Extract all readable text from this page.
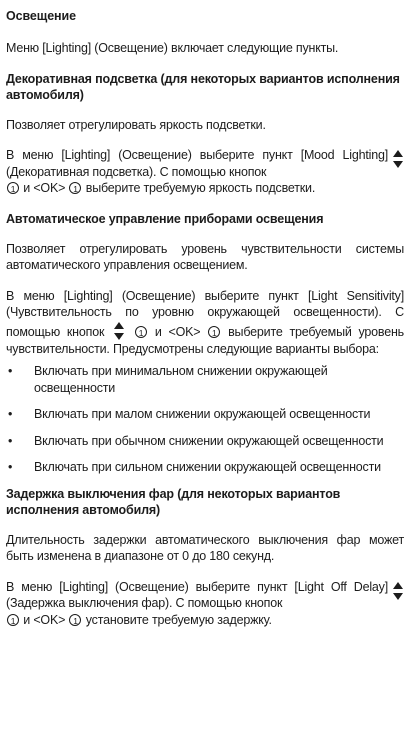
Освещение
Меню [Lighting] (Освещение) включает следующие пункты.
Декоративная подсветка (для некоторых вариантов исполнения автомобиля)
Позволяет отрегулировать яркость подсветки.
В меню [Lighting] (Освещение) выберите пункт [Mood Lighting] (Декоративная подсветка). С помощью кнопок
1 и <OK> 1 выберите требуемую яркость подсветки.
Автоматическое управление приборами освещения
Позволяет отрегулировать уровень чувствительности системы автоматического управления освещением.
В меню [Lighting] (Освещение) выберите пункт [Light Sensitivity] (Чувствительность по уровню окружающей освещенности). С помощью кнопок	1 и <OK> 1 выберите требуемый уровень чувствительности. Предусмотрены следующие варианты выбора:
• Включать при минимальном снижении окружающей освещенности
• Включать при малом снижении окружающей освещенности
• Включать при обычном снижении окружающей освещенности
• Включать при сильном снижении окружающей освещенности
Задержка выключения фар (для некоторых вариантов исполнения автомобиля)
Длительность задержки автоматического выключения фар может быть изменена в диапазоне от 0 до 180 секунд.
В меню [Lighting] (Освещение) выберите пункт [Light Off Delay] (Задержка выключения фар). С помощью кнопок
1 и <OK> 1 установите требуемую задержку.
